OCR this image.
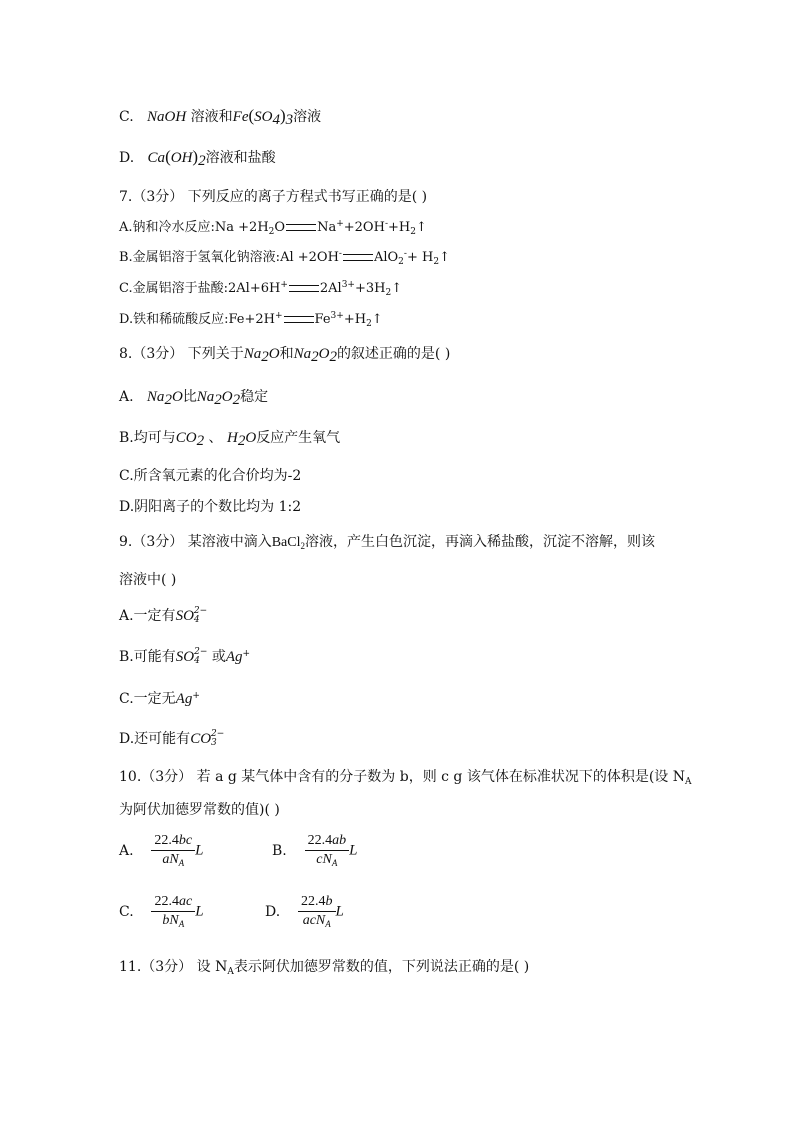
C. NaOH 溶液和$Fe(SO_4)_3$溶液
D. $Ca(OH)_2$溶液和盐酸
7.（3分） 下列反应的离子方程式书写正确的是( )
A.钠和冷水反应:Na $+2H_2O$ $Na^++2OH^-+H_2↑$
B.金属铝溶于氢氧化钠溶液:Al +2OH- $AlO_2^-+ H_2↑$
C.金属铝溶于盐酸:2Al+6H+ $2Al^{3+}+3H_2↑$
D.铁和稀硫酸反应:Fe+2H+ $Fe^{3+}+H_2↑$
8.（3分） 下列关于$Na_2O$和$Na_2O_2$的叙述正确的是( )
A. $Na_2O$比$Na_2O_2$稳定
B.均可与$CO_2$ 、 $H_2O$反应产生氧气
C.所含氧元素的化合价均为-2
D.阴阳离子的个数比均为 1:2
9.（3分） 某溶液中滴入BaCl$_2$溶液，产生白色沉淀，再滴入稀盐酸，沉淀不溶解，则该
溶液中( )
A.一定有SO 2−
4
B.可能有SO 2−
4 或Ag+
C.一定无Ag+
D.还可能有CO 2−
3
10.（3分） 若 a g 某气体中含有的分子数为 b，则 c g 该气体在标准状况下的体积是(设 $N_A$
为阿伏加德罗常数的值)( )
A. $\frac{22.4bc}{aN_A}$ L	B. $\frac{22.4ab}{cN_A}$ L
C. $\frac{22.4ac}{bN_A}$ L	D. $\frac{22.4b}{acN_A}$ L
11.（3分） 设 $N_A$表示阿伏加德罗常数的值，下列说法正确的是( )
